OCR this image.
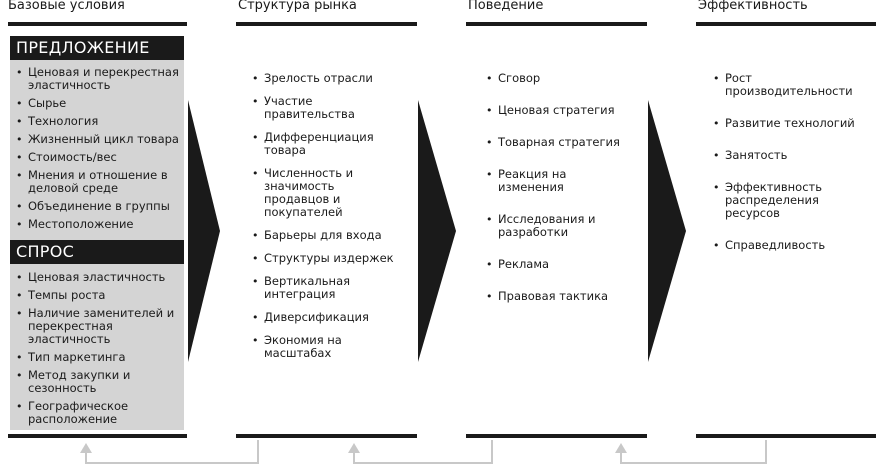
Базовые условия	Структура рынка	Поведение	Эффективность
ПРЕДЛОЖЕНИЕ
• Ценовая и перекрестная эластичность
• Сырье
• Технология
• Жизненный цикл товара
• Стоимость/вес
• Мнения и отношение в деловой среде
• Объединение в группы
• Местоположение
СПРОС
• Ценовая эластичность
• Темпы роста
• Наличие заменителей и перекрестная эластичность
• Тип маркетинга
• Метод закупки и сезонность
• Географическое расположение
• Зрелость отрасли
• Участие правительства
• Дифференциация товара
• Численность и значимость продавцов и покупателей
• Барьеры для входа
• Структуры издержек
• Вертикальная интеграция
• Диверсификация
• Экономия на масштабах
• Сговор
• Ценовая стратегия
• Товарная стратегия
• Реакция на изменения
• Исследования и разработки
• Реклама
• Правовая тактика
• Рост производительности
• Развитие технологий
• Занятость
• Эффективность распределения ресурсов
• Справедливость
